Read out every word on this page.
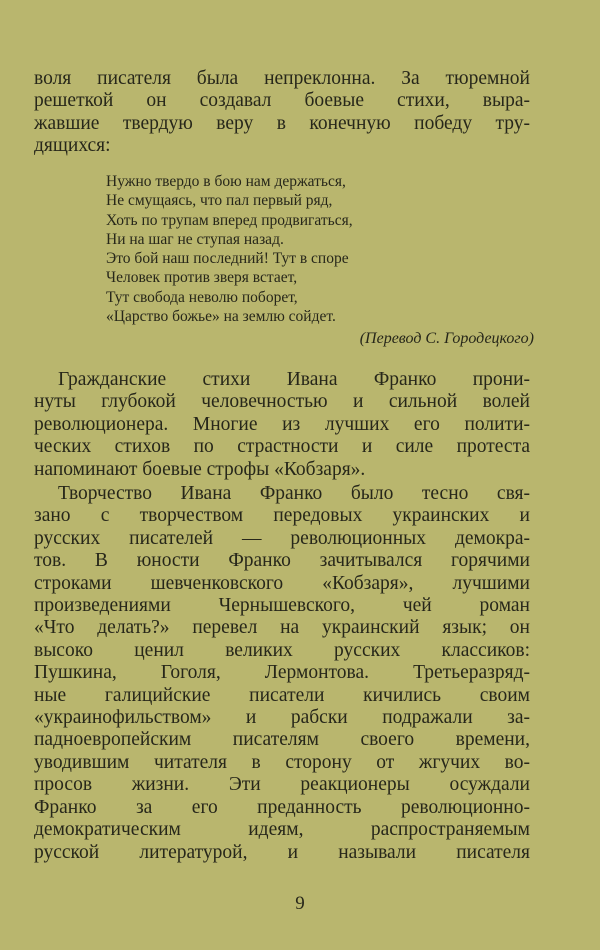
воля писателя была непреклонна. За тюремной
решеткой он создавал боевые стихи, выра-
жавшие твердую веру в конечную победу тру-
дящихся:
Нужно твердо в бою нам держаться,
Не смущаясь, что пал первый ряд,
Хоть по трупам вперед продвигаться,
Ни на шаг не ступая назад.
Это бой наш последний! Тут в споре
Человек против зверя встает,
Тут свобода неволю поборет,
«Царство божье» на землю сойдет.
(Перевод С. Городецкого)
Гражданские стихи Ивана Франко прони-
нуты глубокой человечностью и сильной волей
революционера. Многие из лучших его полити-
ческих стихов по страстности и силе протеста
напоминают боевые строфы «Кобзаря».
Творчество Ивана Франко было тесно свя-
зано с творчеством передовых украинских и
русских писателей — революционных демокра-
тов. В юности Франко зачитывался горячими
строками шевченковского «Кобзаря», лучшими
произведениями Чернышевского, чей роман
«Что делать?» перевел на украинский язык; он
высоко ценил великих русских классиков:
Пушкина, Гоголя, Лермонтова. Третьеразряд-
ные галицийские писатели кичились своим
«украинофильством» и рабски подражали за-
падноевропейским писателям своего времени,
уводившим читателя в сторону от жгучих во-
просов жизни. Эти реакционеры осуждали
Франко за его преданность революционно-
демократическим идеям, распространяемым
русской литературой, и называли писателя
9
